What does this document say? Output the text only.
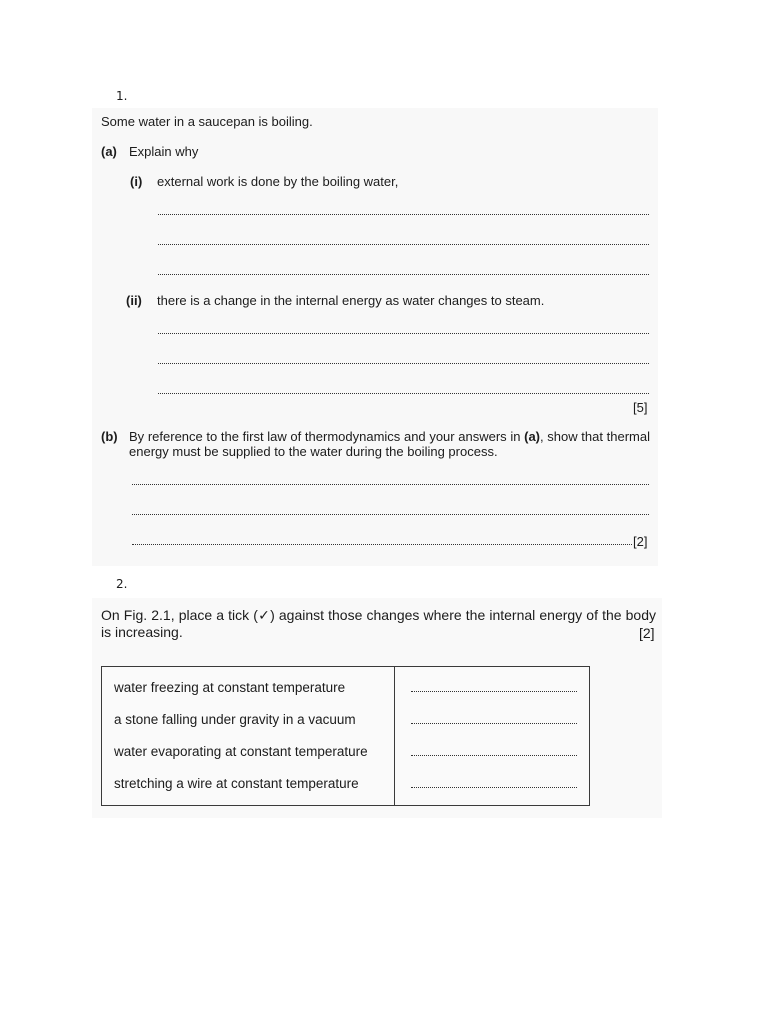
1.
Some water in a saucepan is boiling.
(a) Explain why
(i) external work is done by the boiling water,
(ii) there is a change in the internal energy as water changes to steam.
[5]
(b) By reference to the first law of thermodynamics and your answers in (a), show that thermal energy must be supplied to the water during the boiling process.
[2]
2.
On Fig. 2.1, place a tick (✓) against those changes where the internal energy of the body is increasing.	[2]
water freezing at constant temperature	
a stone falling under gravity in a vacuum	
water evaporating at constant temperature	
stretching a wire at constant temperature	
